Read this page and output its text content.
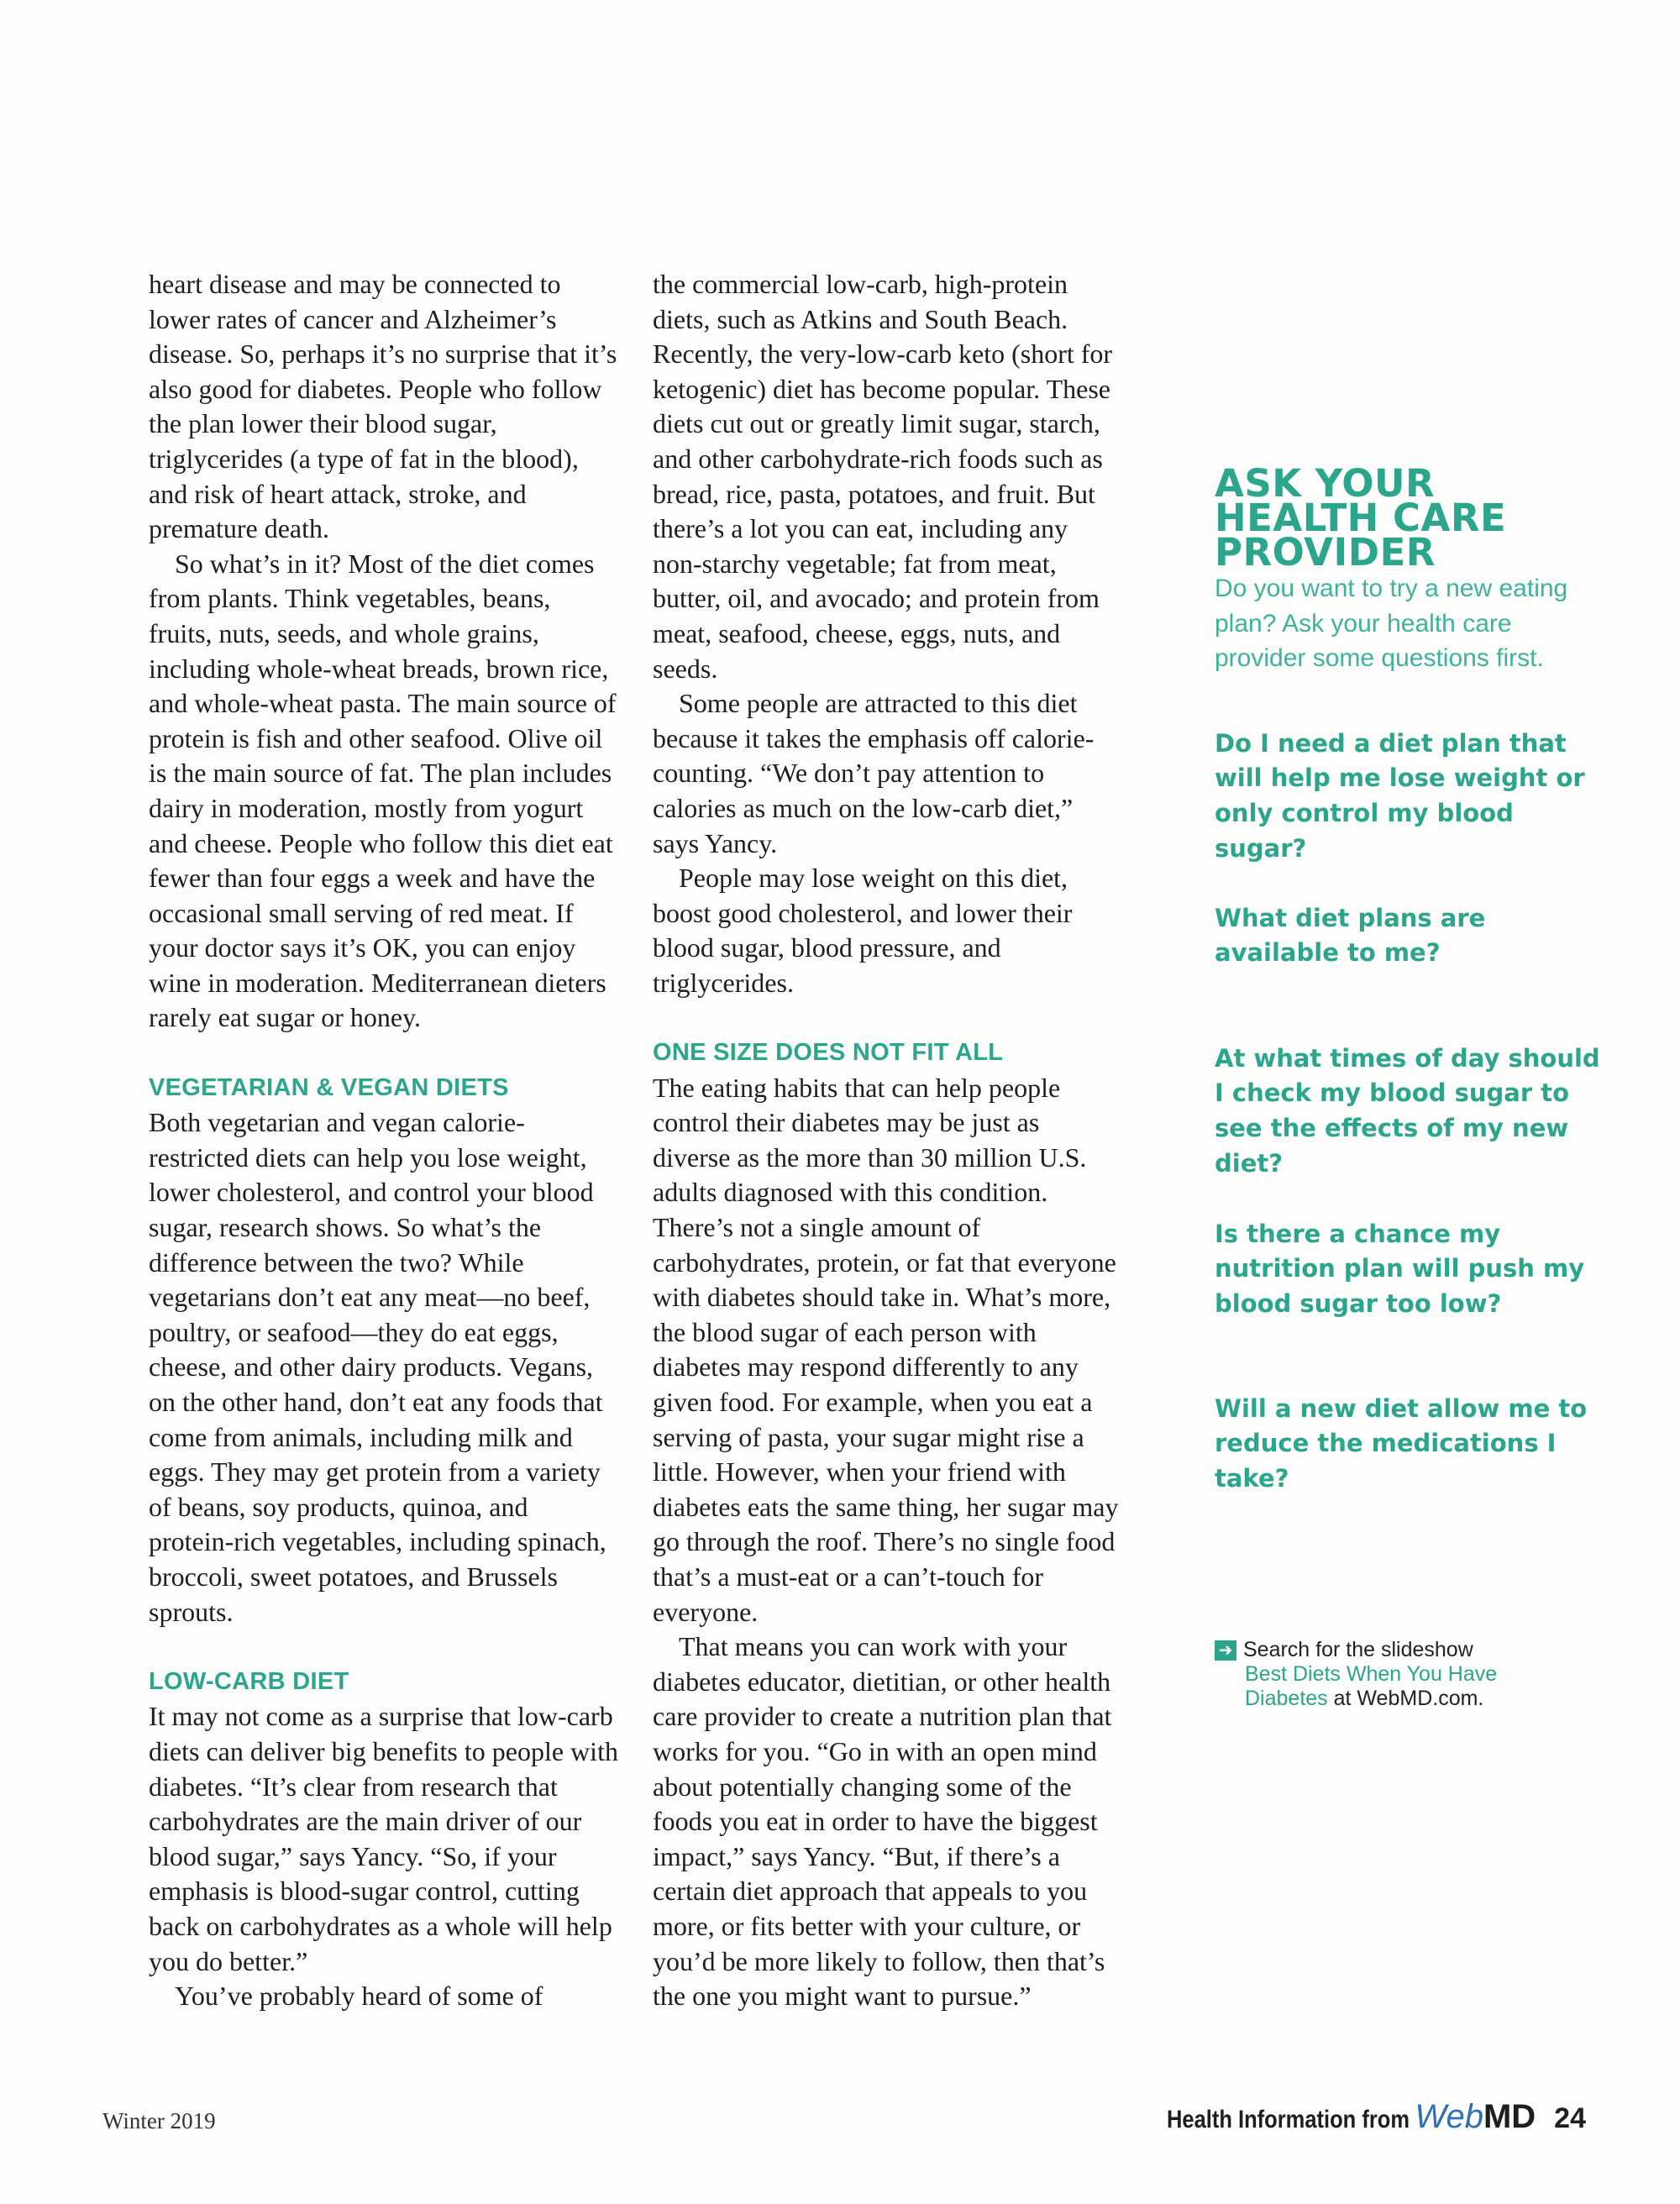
heart disease and may be connected to lower rates of cancer and Alzheimer’s disease. So, perhaps it’s no surprise that it’s also good for diabetes. People who follow the plan lower their blood sugar, triglycerides (a type of fat in the blood), and risk of heart attack, stroke, and premature death.

So what’s in it? Most of the diet comes from plants. Think vegetables, beans, fruits, nuts, seeds, and whole grains, including whole-wheat breads, brown rice, and whole-wheat pasta. The main source of protein is fish and other seafood. Olive oil is the main source of fat. The plan includes dairy in moderation, mostly from yogurt and cheese. People who follow this diet eat fewer than four eggs a week and have the occasional small serving of red meat. If your doctor says it’s OK, you can enjoy wine in moderation. Mediterranean dieters rarely eat sugar or honey.

VEGETARIAN & VEGAN DIETS

Both vegetarian and vegan calorie-restricted diets can help you lose weight, lower cholesterol, and control your blood sugar, research shows. So what’s the difference between the two? While vegetarians don’t eat any meat—no beef, poultry, or seafood—they do eat eggs, cheese, and other dairy products. Vegans, on the other hand, don’t eat any foods that come from animals, including milk and eggs. They may get protein from a variety of beans, soy products, quinoa, and protein-rich vegetables, including spinach, broccoli, sweet potatoes, and Brussels sprouts.

LOW-CARB DIET

It may not come as a surprise that low-carb diets can deliver big benefits to people with diabetes. “It’s clear from research that carbohydrates are the main driver of our blood sugar,” says Yancy. “So, if your emphasis is blood-sugar control, cutting back on carbohydrates as a whole will help you do better.”

You’ve probably heard of some of

the commercial low-carb, high-protein diets, such as Atkins and South Beach. Recently, the very-low-carb keto (short for ketogenic) diet has become popular. These diets cut out or greatly limit sugar, starch, and other carbohydrate-rich foods such as bread, rice, pasta, potatoes, and fruit. But there’s a lot you can eat, including any non-starchy vegetable; fat from meat, butter, oil, and avocado; and protein from meat, seafood, cheese, eggs, nuts, and seeds.

Some people are attracted to this diet because it takes the emphasis off calorie-counting. “We don’t pay attention to calories as much on the low-carb diet,” says Yancy.

People may lose weight on this diet, boost good cholesterol, and lower their blood sugar, blood pressure, and triglycerides.

ONE SIZE DOES NOT FIT ALL

The eating habits that can help people control their diabetes may be just as diverse as the more than 30 million U.S. adults diagnosed with this condition. There’s not a single amount of carbohydrates, protein, or fat that everyone with diabetes should take in. What’s more, the blood sugar of each person with diabetes may respond differently to any given food. For example, when you eat a serving of pasta, your sugar might rise a little. However, when your friend with diabetes eats the same thing, her sugar may go through the roof. There’s no single food that’s a must-eat or a can’t-touch for everyone.

That means you can work with your diabetes educator, dietitian, or other health care provider to create a nutrition plan that works for you. “Go in with an open mind about potentially changing some of the foods you eat in order to have the biggest impact,” says Yancy. “But, if there’s a certain diet approach that appeals to you more, or fits better with your culture, or you’d be more likely to follow, then that’s the one you might want to pursue.”

ASK YOUR
HEALTH CARE
PROVIDER

Do you want to try a new eating plan? Ask your health care provider some questions first.

Do I need a diet plan that will help me lose weight or only control my blood sugar?

What diet plans are available to me?

At what times of day should I check my blood sugar to see the effects of my new diet?

Is there a chance my nutrition plan will push my blood sugar too low?

Will a new diet allow me to reduce the medications I take?

➜ Search for the slideshow
Best Diets When You Have Diabetes at WebMD.com.
Winter 2019	Health Information from WebMD 24
